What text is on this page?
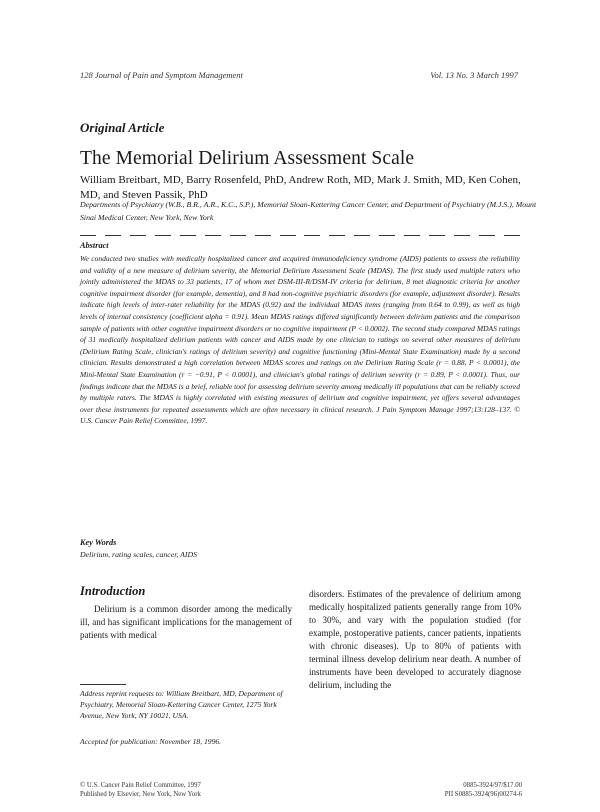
128 Journal of Pain and Symptom Management	Vol. 13 No. 3 March 1997
Original Article
The Memorial Delirium Assessment Scale
William Breitbart, MD, Barry Rosenfeld, PhD, Andrew Roth, MD, Mark J. Smith, MD, Ken Cohen, MD, and Steven Passik, PhD
Departments of Psychiatry (W.B., B.R., A.R., K.C., S.P.), Memorial Sloan-Kettering Cancer Center, and Department of Psychiatry (M.J.S.), Mount Sinai Medical Center, New York, New York
Abstract
We conducted two studies with medically hospitalized cancer and acquired immunodeficiency syndrome (AIDS) patients to assess the reliability and validity of a new measure of delirium severity, the Memorial Delirium Assessment Scale (MDAS). The first study used multiple raters who jointly administered the MDAS to 33 patients, 17 of whom met DSM-III-R/DSM-IV criteria for delirium, 8 met diagnostic criteria for another cognitive impairment disorder (for example, dementia), and 8 had non-cognitive psychiatric disorders (for example, adjustment disorder). Results indicate high levels of inter-rater reliability for the MDAS (0.92) and the individual MDAS items (ranging from 0.64 to 0.99), as well as high levels of internal consistency (coefficient alpha = 0.91). Mean MDAS ratings differed significantly between delirium patients and the comparison sample of patients with other cognitive impairment disorders or no cognitive impairment (P < 0.0002). The second study compared MDAS ratings of 31 medically hospitalized delirium patients with cancer and AIDS made by one clinician to ratings on several other measures of delirium (Delirium Rating Scale, clinician's ratings of delirium severity) and cognitive functioning (Mini-Mental State Examination) made by a second clinician. Results demonstrated a high correlation between MDAS scores and ratings on the Delirium Rating Scale (r = 0.88, P < 0.0001), the Mini-Mental State Examination (r = −0.91, P < 0.0001), and clinician's global ratings of delirium severity (r = 0.89, P < 0.0001). Thus, our findings indicate that the MDAS is a brief, reliable tool for assessing delirium severity among medically ill populations that can be reliably scored by multiple raters. The MDAS is highly correlated with existing measures of delirium and cognitive impairment, yet offers several advantages over these instruments for repeated assessments which are often necessary in clinical research. J Pain Symptom Manage 1997;13:128–137. © U.S. Cancer Pain Relief Committee, 1997.
Key Words
Delirium, rating scales, cancer, AIDS
Introduction
Delirium is a common disorder among the medically ill, and has significant implications for the management of patients with medical
Address reprint requests to: William Breitbart, MD, Department of Psychiatry, Memorial Sloan-Kettering Cancer Center, 1275 York Avenue, New York, NY 10021, USA.
Accepted for publication: November 18, 1996.
disorders. Estimates of the prevalence of delirium among medically hospitalized patients generally range from 10% to 30%, and vary with the population studied (for example, postoperative patients, cancer patients, inpatients with chronic diseases). Up to 80% of patients with terminal illness develop delirium near death. A number of instruments have been developed to accurately diagnose delirium, including the
© U.S. Cancer Pain Relief Committee, 1997
Published by Elsevier, New York, New York
0885-3924/97/$17.00
PII S0885-3924(96)00274-6
